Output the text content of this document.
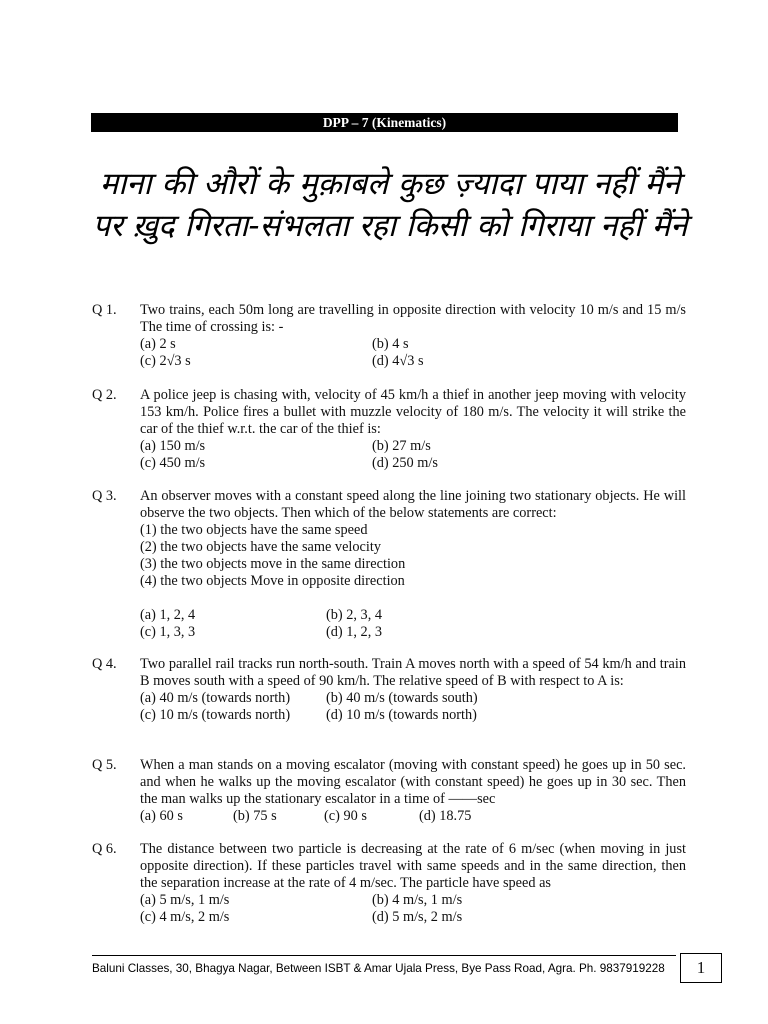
DPP – 7 (Kinematics)
माना की औरों के मुक़ाबले कुछ ज़्यादा पाया नहीं मैंने
पर ख़ुद गिरता-संभलता रहा किसी को गिराया नहीं मैंने
Q 1. Two trains, each 50m long are travelling in opposite direction with velocity 10 m/s and 15 m/s The time of crossing is: -
(a) 2 s	(b) 4 s
(c) 2√3 s	(d) 4√3 s
Q 2. A police jeep is chasing with, velocity of 45 km/h a thief in another jeep moving with velocity 153 km/h. Police fires a bullet with muzzle velocity of 180 m/s. The velocity it will strike the car of the thief w.r.t. the car of the thief is:
(a) 150 m/s	(b) 27 m/s
(c) 450 m/s	(d) 250 m/s
Q 3. An observer moves with a constant speed along the line joining two stationary objects. He will observe the two objects. Then which of the below statements are correct:
(1) the two objects have the same speed
(2) the two objects have the same velocity
(3) the two objects move in the same direction
(4) the two objects Move in opposite direction
(a) 1, 2, 4	(b) 2, 3, 4
(c) 1, 3, 3	(d) 1, 2, 3
Q 4. Two parallel rail tracks run north-south. Train A moves north with a speed of 54 km/h and train B moves south with a speed of 90 km/h. The relative speed of B with respect to A is:
(a) 40 m/s (towards north)	(b) 40 m/s (towards south)
(c) 10 m/s (towards north)	(d) 10 m/s (towards north)
Q 5. When a man stands on a moving escalator (moving with constant speed) he goes up in 50 sec. and when he walks up the moving escalator (with constant speed) he goes up in 30 sec. Then the man walks up the stationary escalator in a time of ——sec
(a) 60 s	(b) 75 s	(c) 90 s	(d) 18.75
Q 6. The distance between two particle is decreasing at the rate of 6 m/sec (when moving in just opposite direction). If these particles travel with same speeds and in the same direction, then the separation increase at the rate of 4 m/sec. The particle have speed as
(a) 5 m/s, 1 m/s	(b) 4 m/s, 1 m/s
(c) 4 m/s, 2 m/s	(d) 5 m/s, 2 m/s
Baluni Classes, 30, Bhagya Nagar, Between ISBT & Amar Ujala Press, Bye Pass Road, Agra. Ph. 9837919228	1
